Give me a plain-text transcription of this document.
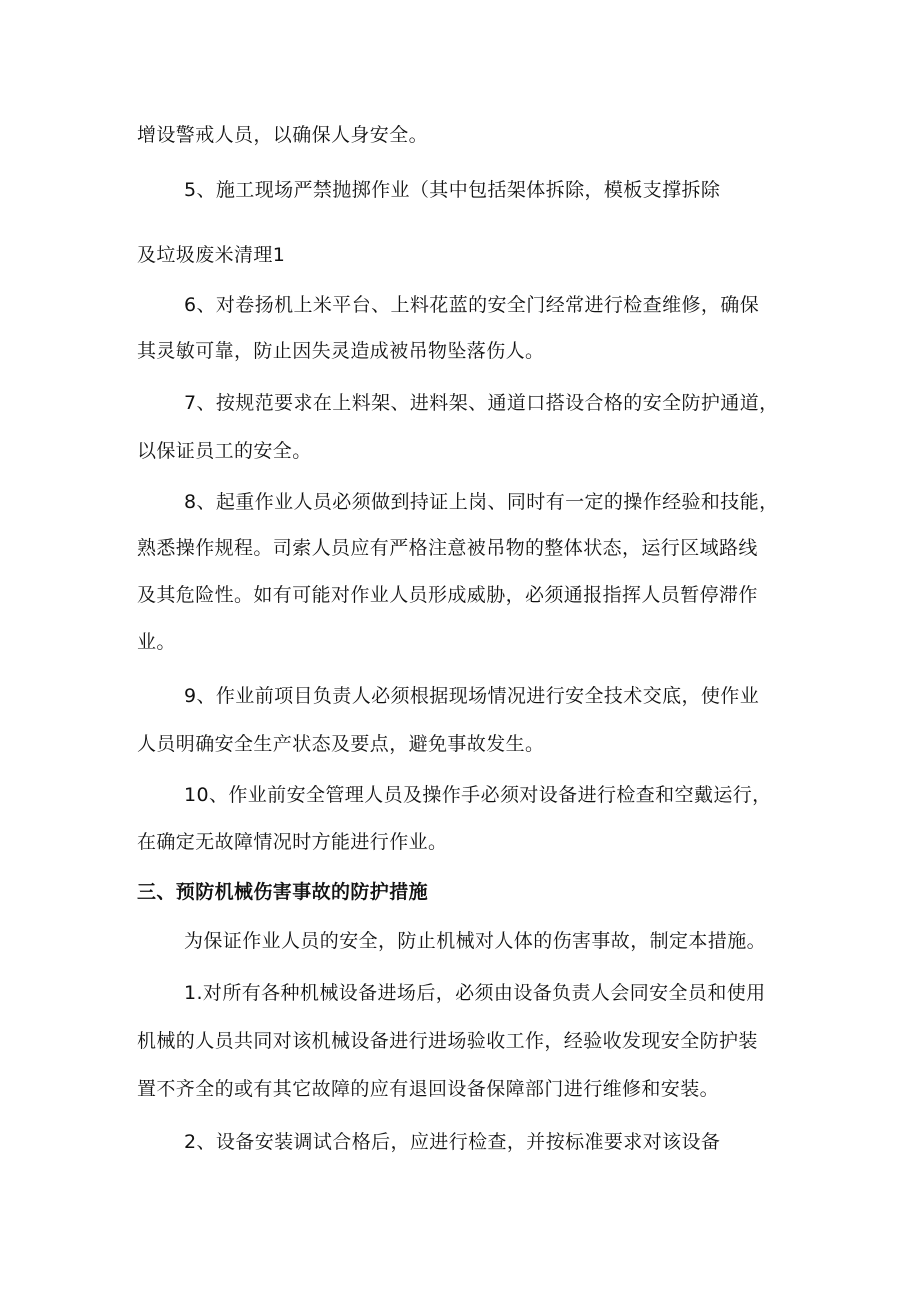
增设警戒人员，以确保人身安全。
5、施工现场严禁抛掷作业（其中包括架体拆除，模板支撑拆除
及垃圾废米清理1
6、对卷扬机上米平台、上料花蓝的安全门经常进行检查维修，确保
其灵敏可靠，防止因失灵造成被吊物坠落伤人。
7、按规范要求在上料架、进料架、通道口搭设合格的安全防护通道，
以保证员工的安全。
8、起重作业人员必须做到持证上岗、同时有一定的操作经验和技能，
熟悉操作规程。司索人员应有严格注意被吊物的整体状态，运行区域路线
及其危险性。如有可能对作业人员形成威胁，必须通报指挥人员暂停滞作
业。
9、作业前项目负责人必须根据现场情况进行安全技术交底，使作业
人员明确安全生产状态及要点，避免事故发生。
10、作业前安全管理人员及操作手必须对设备进行检查和空戴运行，
在确定无故障情况时方能进行作业。
三、预防机械伤害事故的防护措施
为保证作业人员的安全，防止机械对人体的伤害事故，制定本措施。
1.对所有各种机械设备进场后，必须由设备负责人会同安全员和使用
机械的人员共同对该机械设备进行进场验收工作，经验收发现安全防护装
置不齐全的或有其它故障的应有退回设备保障部门进行维修和安装。
2、设备安装调试合格后，应进行检查，并按标准要求对该设备
